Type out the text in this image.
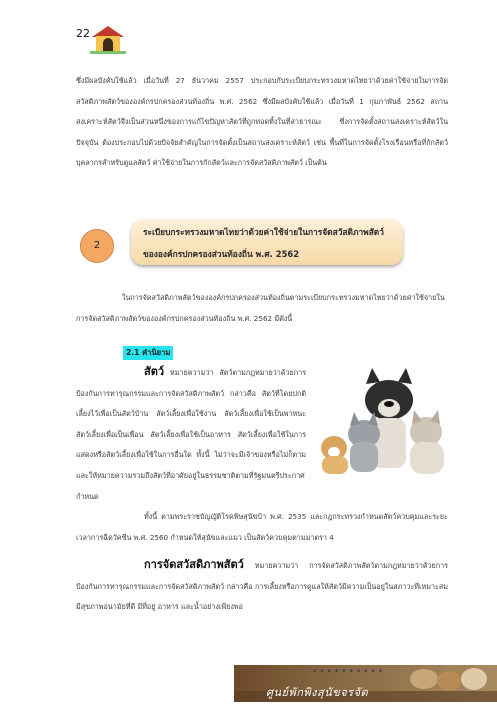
22

ซึ่งมีผลบังคับใช้แล้ว เมื่อวันที่ 27 ธันวาคม 2557 ประกอบกับระเบียบกระทรวงมหาดไทยว่าด้วยค่าใช้จ่ายในการจัดสวัสดิภาพสัตว์ขององค์กรปกครองส่วนท้องถิ่น พ.ศ. 2562 ซึ่งมีผลบังคับใช้แล้ว เมื่อวันที่ 1 กุมภาพันธ์ 2562 สถานสงเคราะห์สัตว์จึงเป็นส่วนหนึ่งของการแก้ไขปัญหาสัตว์ที่ถูกทอดทิ้งในที่สาธารณะ ซึ่งการจัดตั้งสถานสงเคราะห์สัตว์ในปัจจุบัน ต้องประกอบไปด้วยปัจจัยสำคัญในการจัดตั้งเป็นสถานสงเคราะห์สัตว์ เช่น พื้นที่ในการจัดตั้งโรงเรือนหรือที่กักสัตว์ บุคลากรสำหรับดูแลสัตว์ ค่าใช้จ่ายในการกักสัตว์และการจัดสวัสดิภาพสัตว์ เป็นต้น

2
ระเบียบกระทรวงมหาดไทยว่าด้วยค่าใช้จ่ายในการจัดสวัสดิภาพสัตว์
ขององค์กรปกครองส่วนท้องถิ่น พ.ศ. 2562

ในการจัดสวัสดิภาพสัตว์ขององค์กรปกครองส่วนท้องถิ่นตามระเบียบกระทรวงมหาดไทยว่าด้วยค่าใช้จ่ายในการจัดสวัสดิภาพสัตว์ขององค์กรปกครองส่วนท้องถิ่น พ.ศ. 2562 มีดังนี้

2.1 คำนิยาม

สัตว์ หมายความว่า สัตว์ตามกฎหมายว่าด้วยการป้องกันการทารุณกรรมและการจัดสวัสดิภาพสัตว์ กล่าวคือ สัตว์ที่โดยปกติเลี้ยงไว้เพื่อเป็นสัตว์บ้าน สัตว์เลี้ยงเพื่อใช้งาน สัตว์เลี้ยงเพื่อใช้เป็นพาหนะ สัตว์เลี้ยงเพื่อเป็นเพื่อน สัตว์เลี้ยงเพื่อใช้เป็นอาหาร สัตว์เลี้ยงเพื่อใช้ในการแสดงหรือสัตว์เลี้ยงเพื่อใช้ในการอื่นใด ทั้งนี้ ไม่ว่าจะมีเจ้าของหรือไม่ก็ตาม และให้หมายความรวมถึงสัตว์ที่อาศัยอยู่ในธรรมชาติตามที่รัฐมนตรีประกาศกำหนด

ทั้งนี้ ตามพระราชบัญญัติโรคพิษสุนัขบ้า พ.ศ. 2535 และกฎกระทรวงกำหนดสัตว์ควบคุมและระยะเวลาการฉีดวัคซีน พ.ศ. 2560 กำหนดให้สุนัขและแมว เป็นสัตว์ควบคุมตามมาตรา 4

การจัดสวัสดิภาพสัตว์ หมายความว่า การจัดสวัสดิภาพสัตว์ตามกฎหมายว่าด้วยการป้องกันการทารุณกรรมและการจัดสวัสดิภาพสัตว์ กล่าวคือ การเลี้ยงหรือการดูแลให้สัตว์มีความเป็นอยู่ในสภาวะที่เหมาะสม มีสุขภาพอนามัยที่ดี มีที่อยู่ อาหาร และน้ำอย่างเพียงพอ

••••••••••
ศูนย์พักพิงสุนัขจรจัด
